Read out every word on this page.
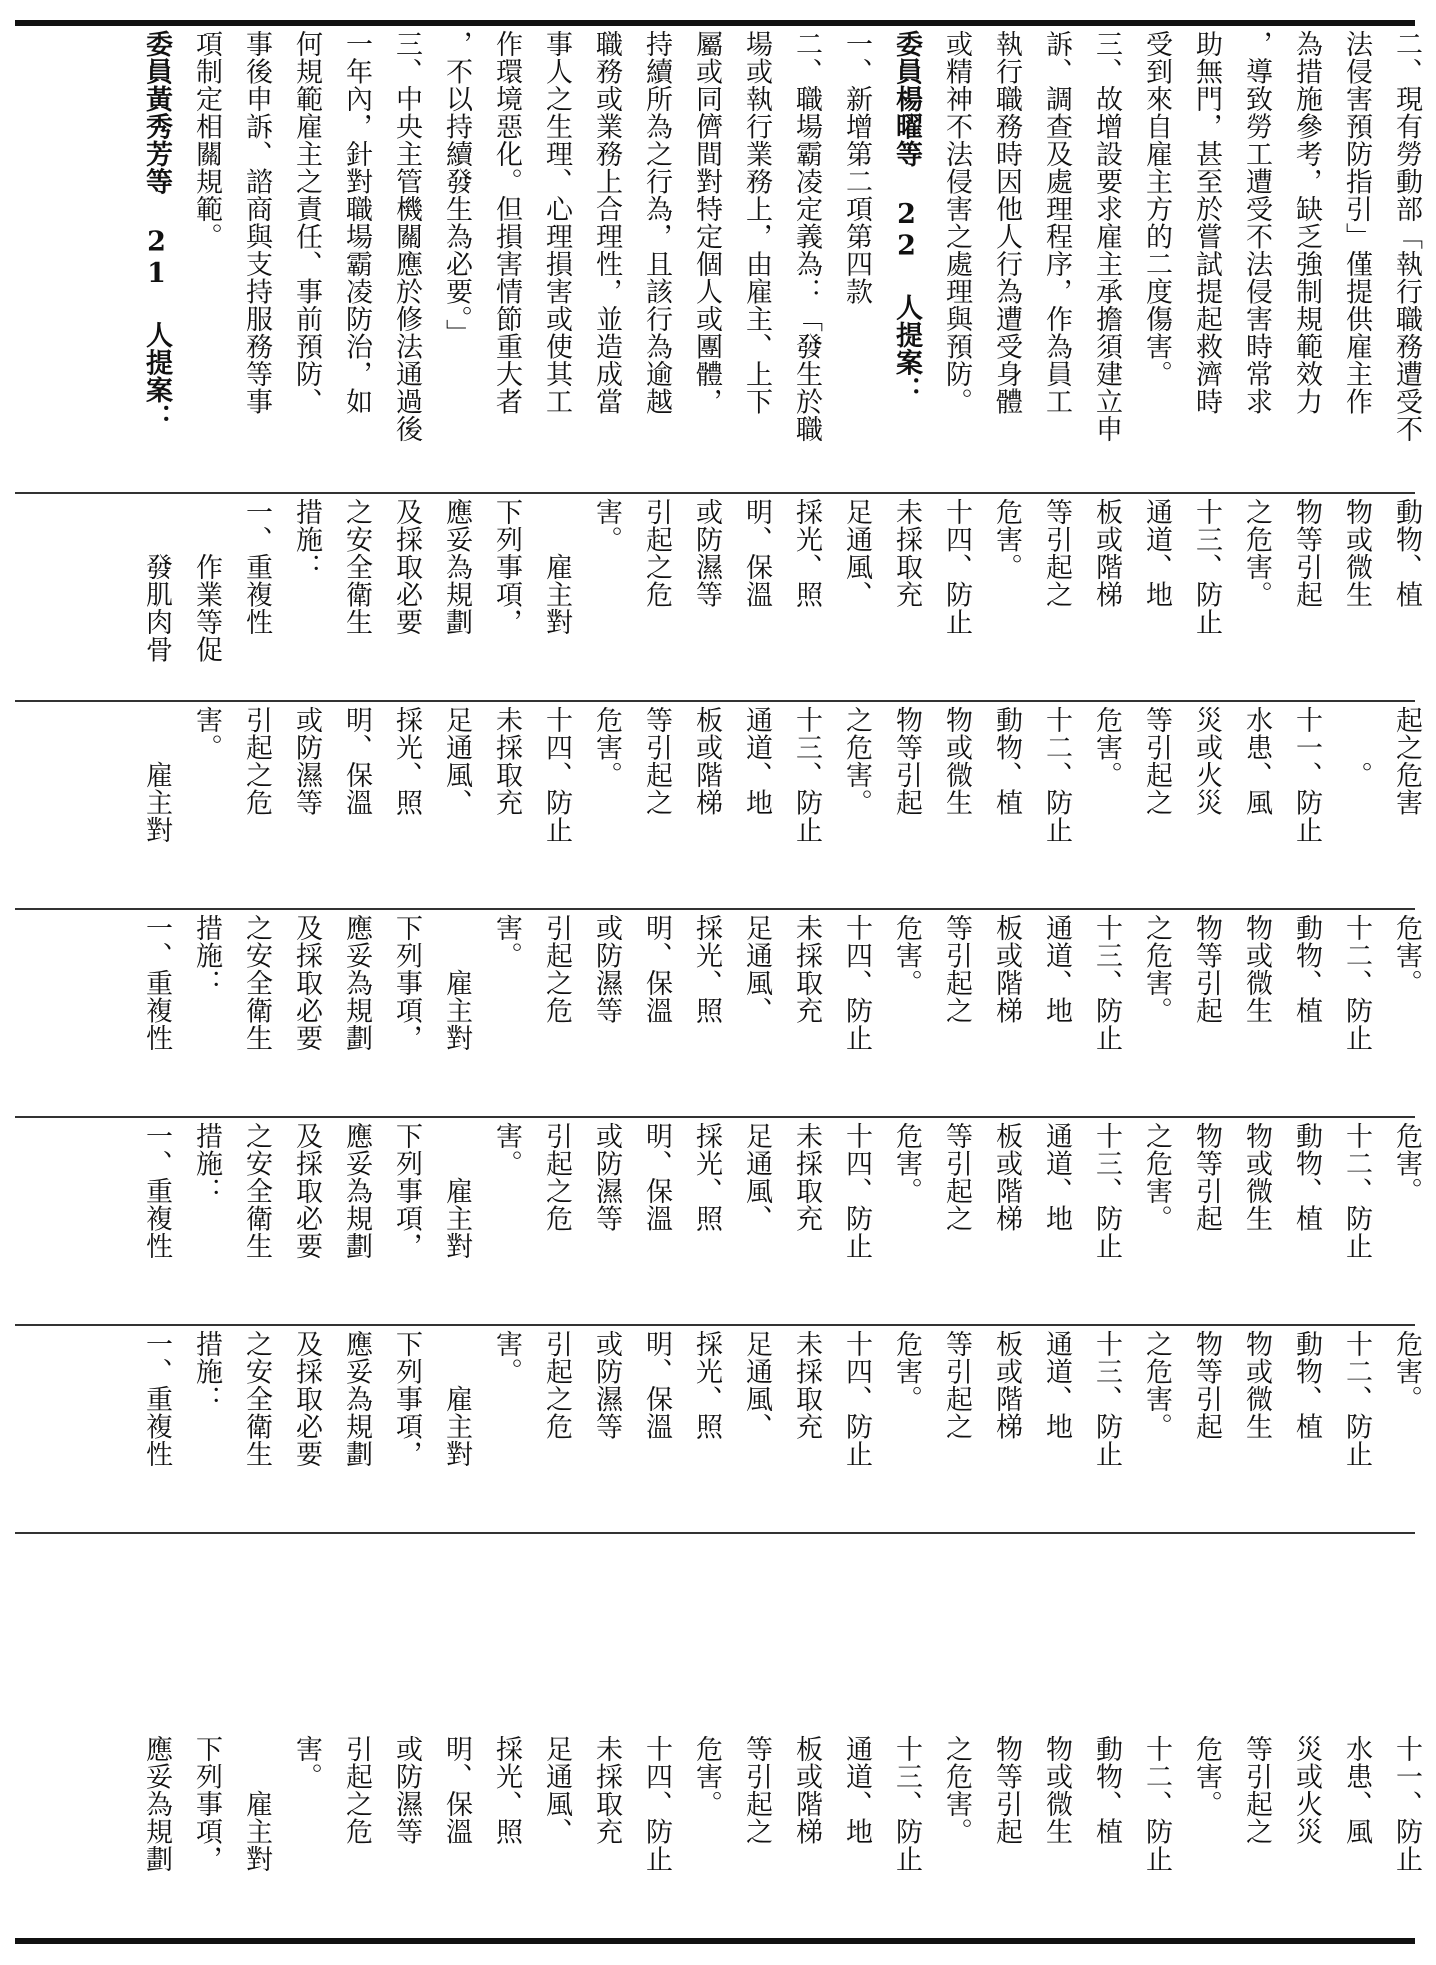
二、現有勞動部「執行職務遭受不
法侵害預防指引」僅提供雇主作
為措施參考，缺乏強制規範效力
，導致勞工遭受不法侵害時常求
助無門，甚至於嘗試提起救濟時
受到來自雇主方的二度傷害。
三、故增設要求雇主承擔須建立申
訴、調查及處理程序，作為員工
執行職務時因他人行為遭受身體
或精神不法侵害之處理與預防。
委員楊曜等 22 人提案：
一、新增第二項第四款
二、職場霸凌定義為：「發生於職
場或執行業務上，由雇主、上下
屬或同儕間對特定個人或團體，
持續所為之行為，且該行為逾越
職務或業務上合理性，並造成當
事人之生理、心理損害或使其工
作環境惡化。但損害情節重大者
，不以持續發生為必要。」
三、中央主管機關應於修法通過後
一年內，針對職場霸凌防治，如
何規範雇主之責任、事前預防、
事後申訴、諮商與支持服務等事
項制定相關規範。
委員黃秀芳等 21 人提案：
動物、植
物或微生
物等引起
之危害。
十三、防止
通道、地
板或階梯
等引起之
危害。
十四、防止
未採取充
足通風、
採光、照
明、保溫
或防濕等
引起之危
害。
　　雇主對
下列事項，
應妥為規劃
及採取必要
之安全衛生
措施：
一、重複性
　　作業等促
　　發肌肉骨
起之危害
　　。
十一、防止
水患、風
災或火災
等引起之
危害。
十二、防止
動物、植
物或微生
物等引起
之危害。
十三、防止
通道、地
板或階梯
等引起之
危害。
十四、防止
未採取充
足通風、
採光、照
明、保溫
或防濕等
引起之危
害。
　　雇主對
危害。
十二、防止
動物、植
物或微生
物等引起
之危害。
十三、防止
通道、地
板或階梯
等引起之
危害。
十四、防止
未採取充
足通風、
採光、照
明、保溫
或防濕等
引起之危
害。
　　雇主對
下列事項，
應妥為規劃
及採取必要
之安全衛生
措施：
一、重複性
危害。
十二、防止
動物、植
物或微生
物等引起
之危害。
十三、防止
通道、地
板或階梯
等引起之
危害。
十四、防止
未採取充
足通風、
採光、照
明、保溫
或防濕等
引起之危
害。
　　雇主對
下列事項，
應妥為規劃
及採取必要
之安全衛生
措施：
一、重複性
危害。
十二、防止
動物、植
物或微生
物等引起
之危害。
十三、防止
通道、地
板或階梯
等引起之
危害。
十四、防止
未採取充
足通風、
採光、照
明、保溫
或防濕等
引起之危
害。
　　雇主對
下列事項，
應妥為規劃
及採取必要
之安全衛生
措施：
一、重複性
十一、防止
水患、風
災或火災
等引起之
危害。
十二、防止
動物、植
物或微生
物等引起
之危害。
十三、防止
通道、地
板或階梯
等引起之
危害。
十四、防止
未採取充
足通風、
採光、照
明、保溫
或防濕等
引起之危
害。
　　雇主對
下列事項，
應妥為規劃
